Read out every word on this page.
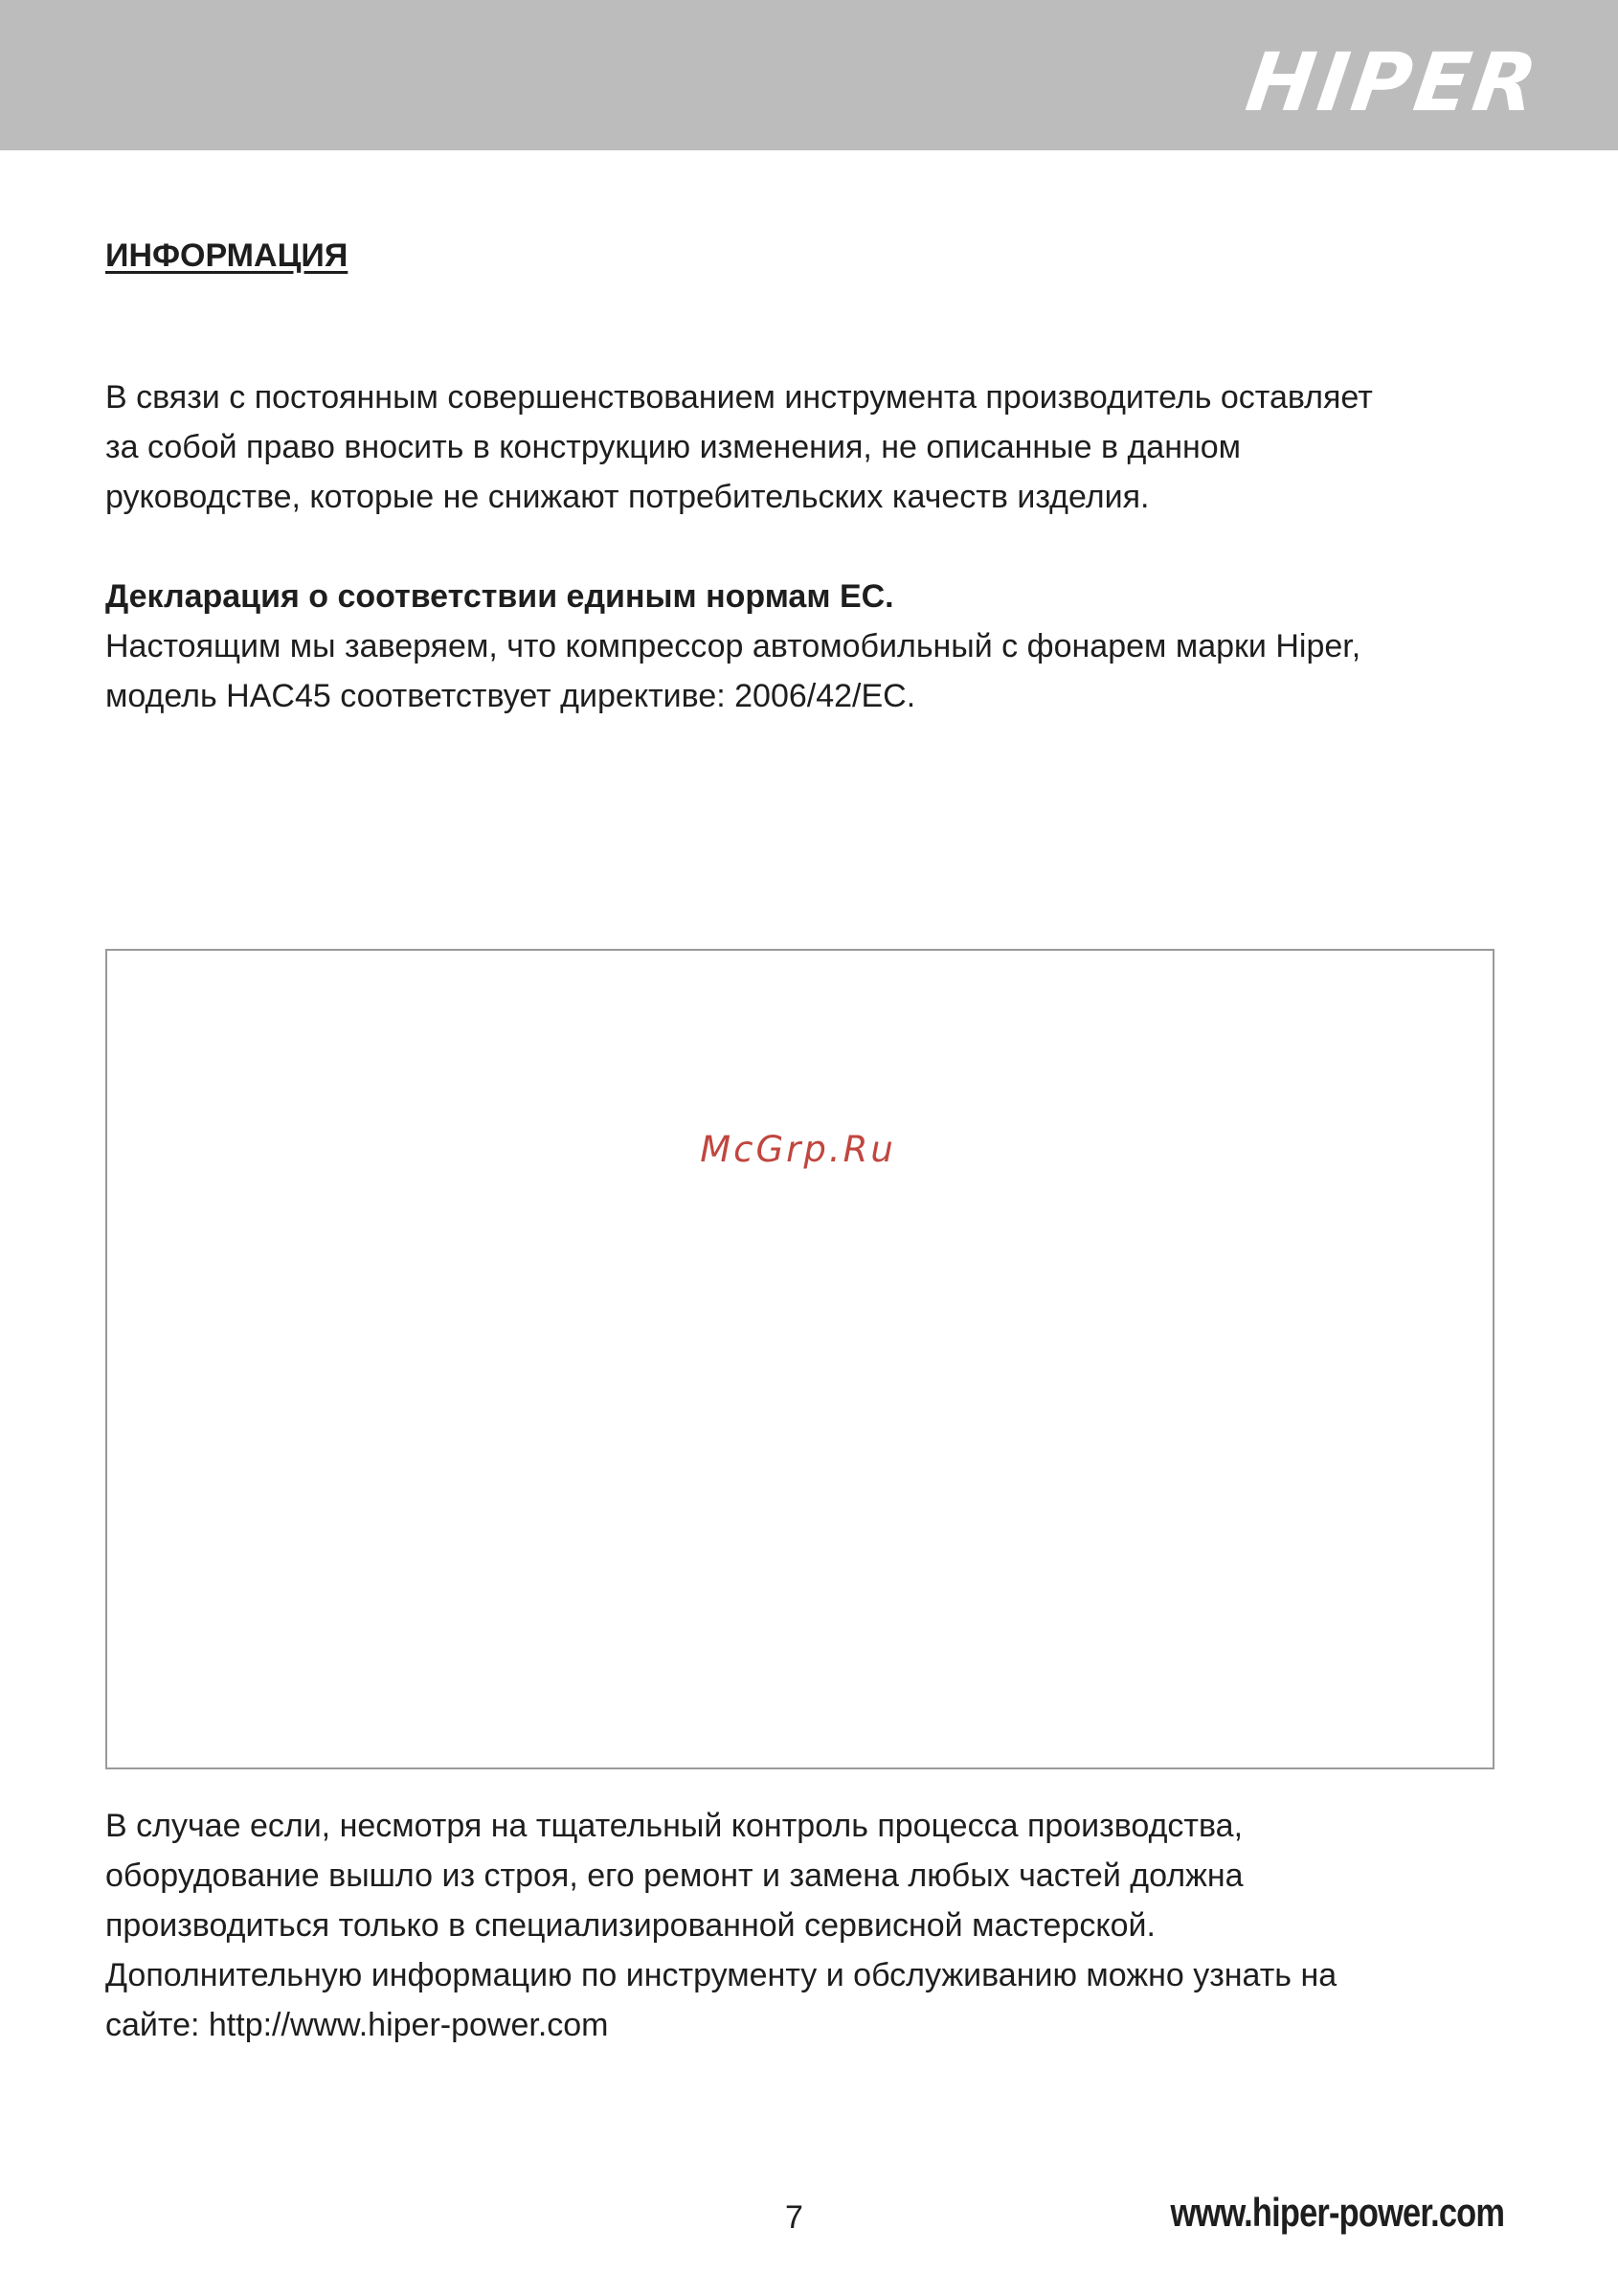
HIPER
ИНФОРМАЦИЯ

В связи с постоянным совершенствованием инструмента производитель оставляет
за собой право вносить в конструкцию изменения, не описанные в данном
руководстве, которые не снижают потребительских качеств изделия.

Декларация о соответствии единым нормам ЕС.

Настоящим мы заверяем, что компрессор автомобильный с фонарем марки Hiper,
модель HAC45 соответствует директиве: 2006/42/EC.

McGrp.Ru

В случае если, несмотря на тщательный контроль процесса производства,
оборудование вышло из строя, его ремонт и замена любых частей должна
производиться только в специализированной сервисной мастерской.
Дополнительную информацию по инструменту и обслуживанию можно узнать на
сайте: http://www.hiper-power.com

7	www.hiper-power.com
